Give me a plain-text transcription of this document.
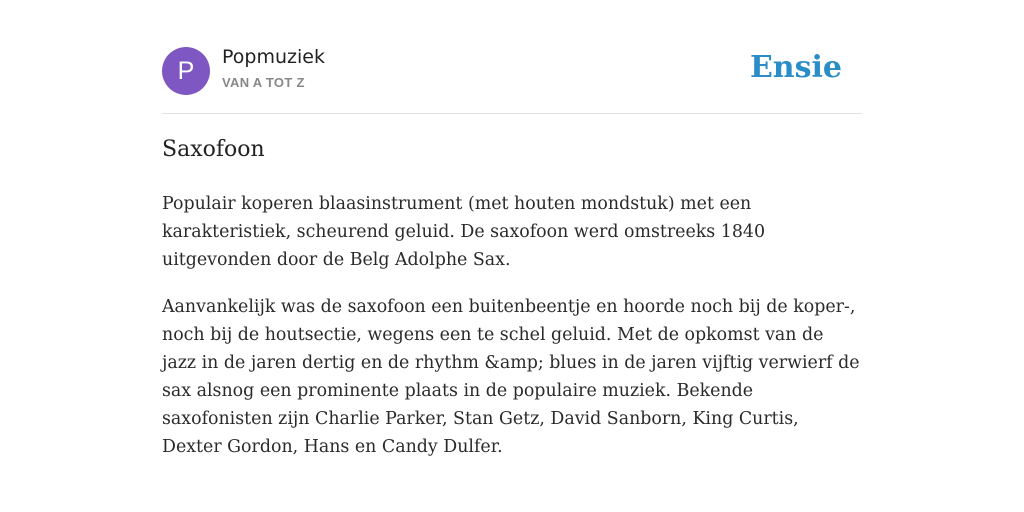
P	Popmuziek
VAN A TOT Z	Ensie
Saxofoon

Populair koperen blaasinstrument (met houten mondstuk) met een karakteristiek, scheurend geluid. De saxofoon werd omstreeks 1840 uitgevonden door de Belg Adolphe Sax.

Aanvankelijk was de saxofoon een buitenbeentje en hoorde noch bij de koper-, noch bij de houtsectie, wegens een te schel geluid. Met de opkomst van de jazz in de jaren dertig en de rhythm &amp; blues in de jaren vijftig verwierf de sax alsnog een prominente plaats in de populaire muziek. Bekende saxofonisten zijn Charlie Parker, Stan Getz, David Sanborn, King Curtis, Dexter Gordon, Hans en Candy Dulfer.
